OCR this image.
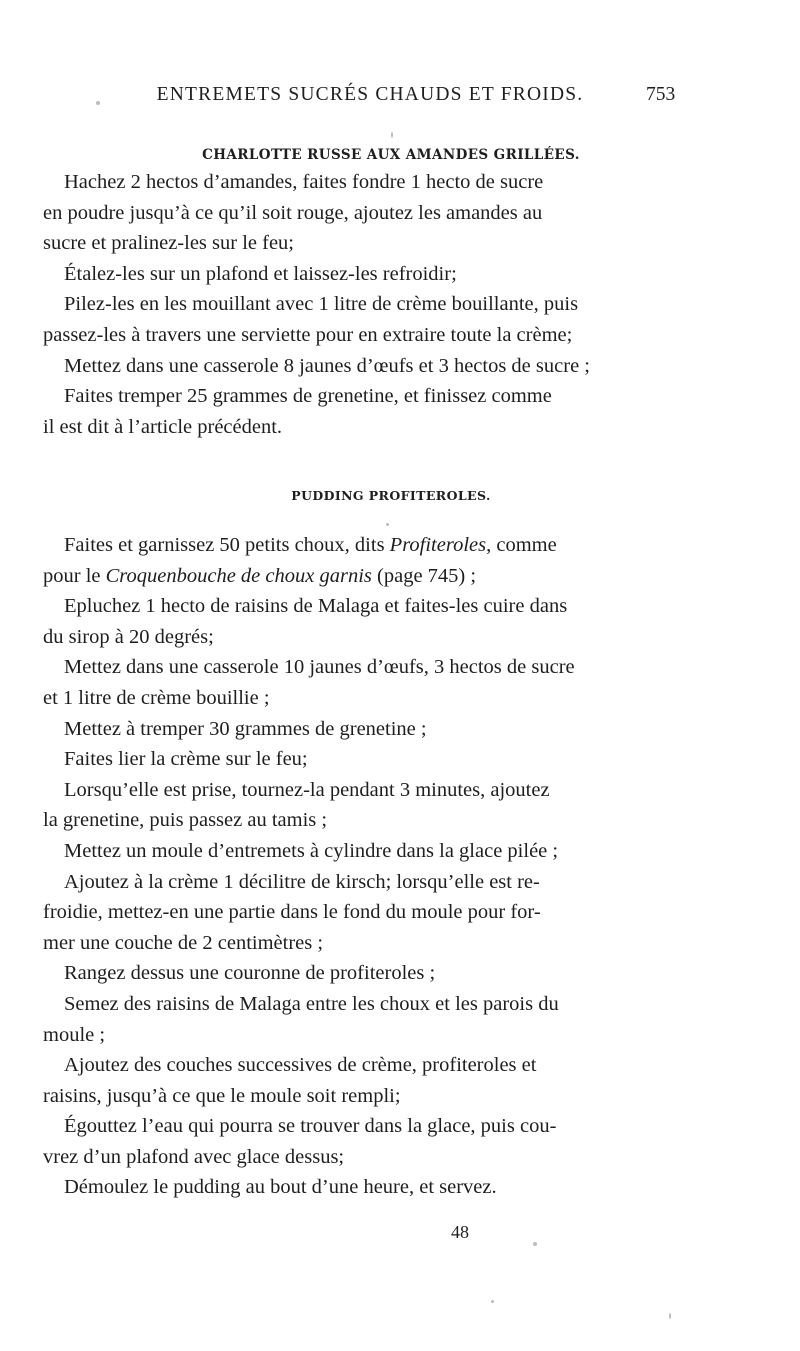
ENTREMETS SUCRÉS CHAUDS ET FROIDS.	753
CHARLOTTE RUSSE AUX AMANDES GRILLÉES.
Hachez 2 hectos d’amandes, faites fondre 1 hecto de sucre
en poudre jusqu’à ce qu’il soit rouge, ajoutez les amandes au
sucre et pralinez-les sur le feu;
Étalez-les sur un plafond et laissez-les refroidir;
Pilez-les en les mouillant avec 1 litre de crème bouillante, puis
passez-les à travers une serviette pour en extraire toute la crème;
Mettez dans une casserole 8 jaunes d’œufs et 3 hectos de sucre ;
Faites tremper 25 grammes de grenetine, et finissez comme
il est dit à l’article précédent.
PUDDING PROFITEROLES.
Faites et garnissez 50 petits choux, dits Profiteroles, comme
pour le Croquenbouche de choux garnis (page 745) ;
Epluchez 1 hecto de raisins de Malaga et faites-les cuire dans
du sirop à 20 degrés;
Mettez dans une casserole 10 jaunes d’œufs, 3 hectos de sucre
et 1 litre de crème bouillie ;
Mettez à tremper 30 grammes de grenetine ;
Faites lier la crème sur le feu;
Lorsqu’elle est prise, tournez-la pendant 3 minutes, ajoutez
la grenetine, puis passez au tamis ;
Mettez un moule d’entremets à cylindre dans la glace pilée ;
Ajoutez à la crème 1 décilitre de kirsch; lorsqu’elle est re-
froidie, mettez-en une partie dans le fond du moule pour for-
mer une couche de 2 centimètres ;
Rangez dessus une couronne de profiteroles ;
Semez des raisins de Malaga entre les choux et les parois du
moule ;
Ajoutez des couches successives de crème, profiteroles et
raisins, jusqu’à ce que le moule soit rempli;
Égouttez l’eau qui pourra se trouver dans la glace, puis cou-
vrez d’un plafond avec glace dessus;
Démoulez le pudding au bout d’une heure, et servez.
48
